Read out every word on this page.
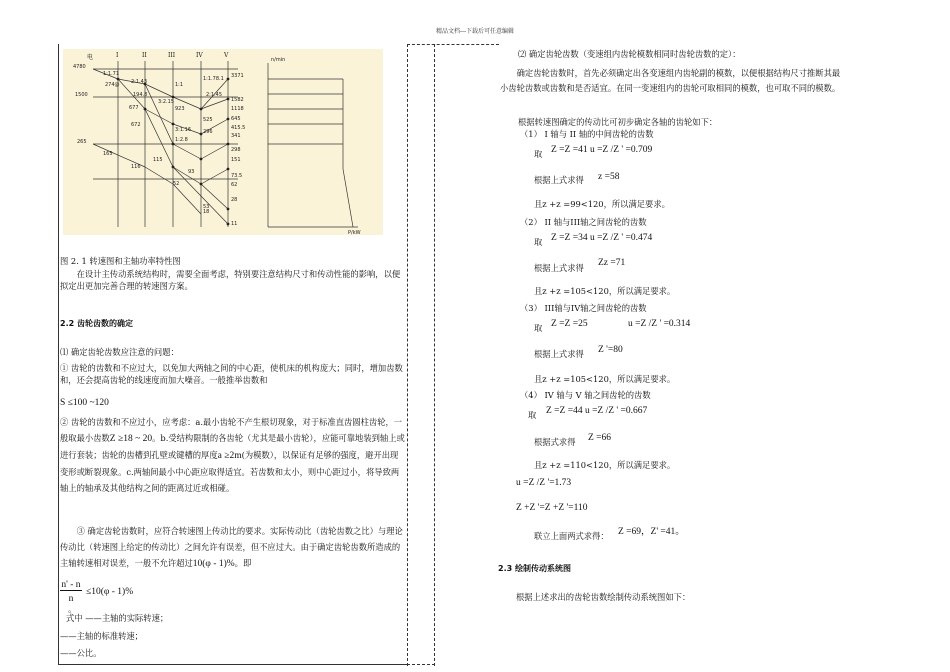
精品文档---下载后可任意编辑
电	I	II	III	IV	V
4780
1500
265
1:1.71
274@ 2:1.43
194.8
3:2.15
1:1
1:1.78.1
2:1.45
677
672
923
3:1.16
1:2.8
296
525
165
116
52
93
53
115
3371
1582
1118
645
415.5
341
298
151
73.5
62
28
18
11
n/min
P/kW
图 2. 1 转速图和主轴功率特性图
在设计主传动系统结构时，需要全面考虑，特别要注意结构尺寸和传动性能的影响，以便拟定出更加完善合理的转速图方案。
2.2 齿轮齿数的确定
⑴ 确定齿轮齿数应注意的问题：
① 齿轮的齿数和不应过大，以免加大两轴之间的中心距，使机床的机构庞大；同时，增加齿数和，还会提高齿轮的线速度而加大噪音。一般推举齿数和
S ≤100 ~120
② 齿轮的齿数和不应过小，应考虑：a.最小齿轮不产生根切现象，对于标准直齿圆柱齿轮，一般取最小齿数Z ≥18 ~ 20。b.受结构限制的各齿轮（尤其是最小齿轮），应能可靠地装到轴上或进行套装；齿轮的齿槽到孔壁或键槽的厚度a ≥2m(为模数），以保证有足够的强度，避开出现变形或断裂现象。c.两轴间最小中心距应取得适宜。若齿数和太小，则中心距过小，将导致两轴上的轴承及其他结构之间的距离过近或相碰。
③ 确定齿轮齿数时，应符合转速图上传动比的要求。实际传动比（齿轮齿数之比）与理论传动比（转速图上给定的传动比）之间允许有误差，但不应过大。由于确定齿轮齿数所造成的主轴转速相对误差，一般不允许超过10(φ - 1)%。即
n' - n
n
≤10(φ - 1)%
。
式中 ——主轴的实际转速；
——主轴的标准转速；
——公比。
⑵ 确定齿轮齿数（变速组内齿轮模数相同时齿轮齿数的定）：
确定齿轮齿数时，首先必须确定出各变速组内齿轮副的模数，以便根据结构尺寸推断其最小齿轮齿数或齿数和是否适宜。在同一变速组内的齿轮可取相同的模数，也可取不同的模数。
根据转速图确定的传动比可初步确定各轴的齿轮如下：
（1） I 轴与 II 轴的中间齿轮的齿数
取 Z =Z =41 u =Z /Z ' =0.709
根据上式求得 z =58
且z +z =99<120，所以满足要求。
（2） II 轴与III轴之间齿轮的齿数
取 Z =Z =34 u =Z /Z ' =0.474
根据上式求得 Zz =71
且z +z =105<120，所以满足要求。
（3） III轴与IV轴之间齿轮的齿数
取 Z =Z =25	u =Z /Z ' =0.314
根据上式求得 Z '=80
且z +z =105<120，所以满足要求。
（4） IV 轴与 V 轴之间齿轮的齿数
取 Z =Z =44 u =Z /Z ' =0.667
根据式求得 Z =66
且z +z =110<120，所以满足要求。
u =Z /Z '=1.73
Z +Z '=Z +Z '=110
联立上面两式求得： Z =69，Z' =41。
2.3 绘制传动系统图
根据上述求出的齿轮齿数绘制传动系统图如下：
